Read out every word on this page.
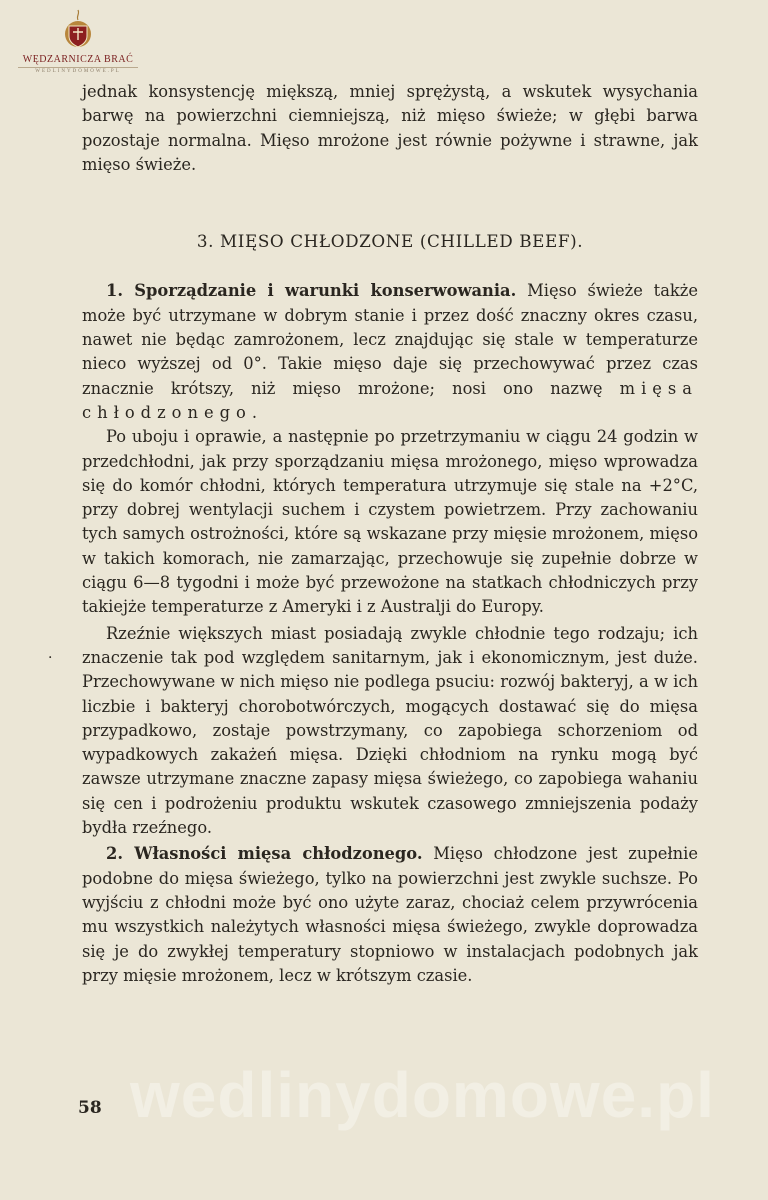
WĘDZARNICZA BRAĆ
WEDLINYDOMOWE.PL

jednak konsystencję miększą, mniej sprężystą, a wskutek wysychania barwę na powierzchni ciemniejszą, niż mięso świeże; w głębi barwa pozostaje normalna. Mięso mrożone jest równie pożywne i strawne, jak mięso świeże.

3. MIĘSO CHŁODZONE (CHILLED BEEF).

1. Sporządzanie i warunki konserwowania. Mięso świeże także może być utrzymane w dobrym stanie i przez dość znaczny okres czasu, nawet nie będąc zamrożonem, lecz znajdując się stale w temperaturze nieco wyższej od 0°. Takie mięso daje się przechowywać przez czas znacznie krótszy, niż mięso mrożone; nosi ono nazwę mięsa chłodzonego.

Po uboju i oprawie, a następnie po przetrzymaniu w ciągu 24 godzin w przedchłodni, jak przy sporządzaniu mięsa mrożonego, mięso wprowadza się do komór chłodni, których temperatura utrzymuje się stale na +2°C, przy dobrej wentylacji suchem i czystem powietrzem. Przy zachowaniu tych samych ostrożności, które są wskazane przy mięsie mrożonem, mięso w takich komorach, nie zamarzając, przechowuje się zupełnie dobrze w ciągu 6—8 tygodni i może być przewożone na statkach chłodniczych przy takiejże temperaturze z Ameryki i z Australji do Europy.

Rzeźnie większych miast posiadają zwykle chłodnie tego rodzaju; ich znaczenie tak pod względem sanitarnym, jak i ekonomicznym, jest duże. Przechowywane w nich mięso nie podlega psuciu: rozwój bakteryj, a w ich liczbie i bakteryj chorobotwórczych, mogących dostawać się do mięsa przypadkowo, zostaje powstrzymany, co zapobiega schorzeniom od wypadkowych zakażeń mięsa. Dzięki chłodniom na rynku mogą być zawsze utrzymane znaczne zapasy mięsa świeżego, co zapobiega wahaniu się cen i podrożeniu produktu wskutek czasowego zmniejszenia podaży bydła rzeźnego.

2. Własności mięsa chłodzonego. Mięso chłodzone jest zupełnie podobne do mięsa świeżego, tylko na powierzchni jest zwykle suchsze. Po wyjściu z chłodni może być ono użyte zaraz, chociaż celem przywrócenia mu wszystkich należytych własności mięsa świeżego, zwykle doprowadza się je do zwykłej temperatury stopniowo w instalacjach podobnych jak przy mięsie mrożonem, lecz w krótszym czasie.

·
58 wedlinydomowe.pl
